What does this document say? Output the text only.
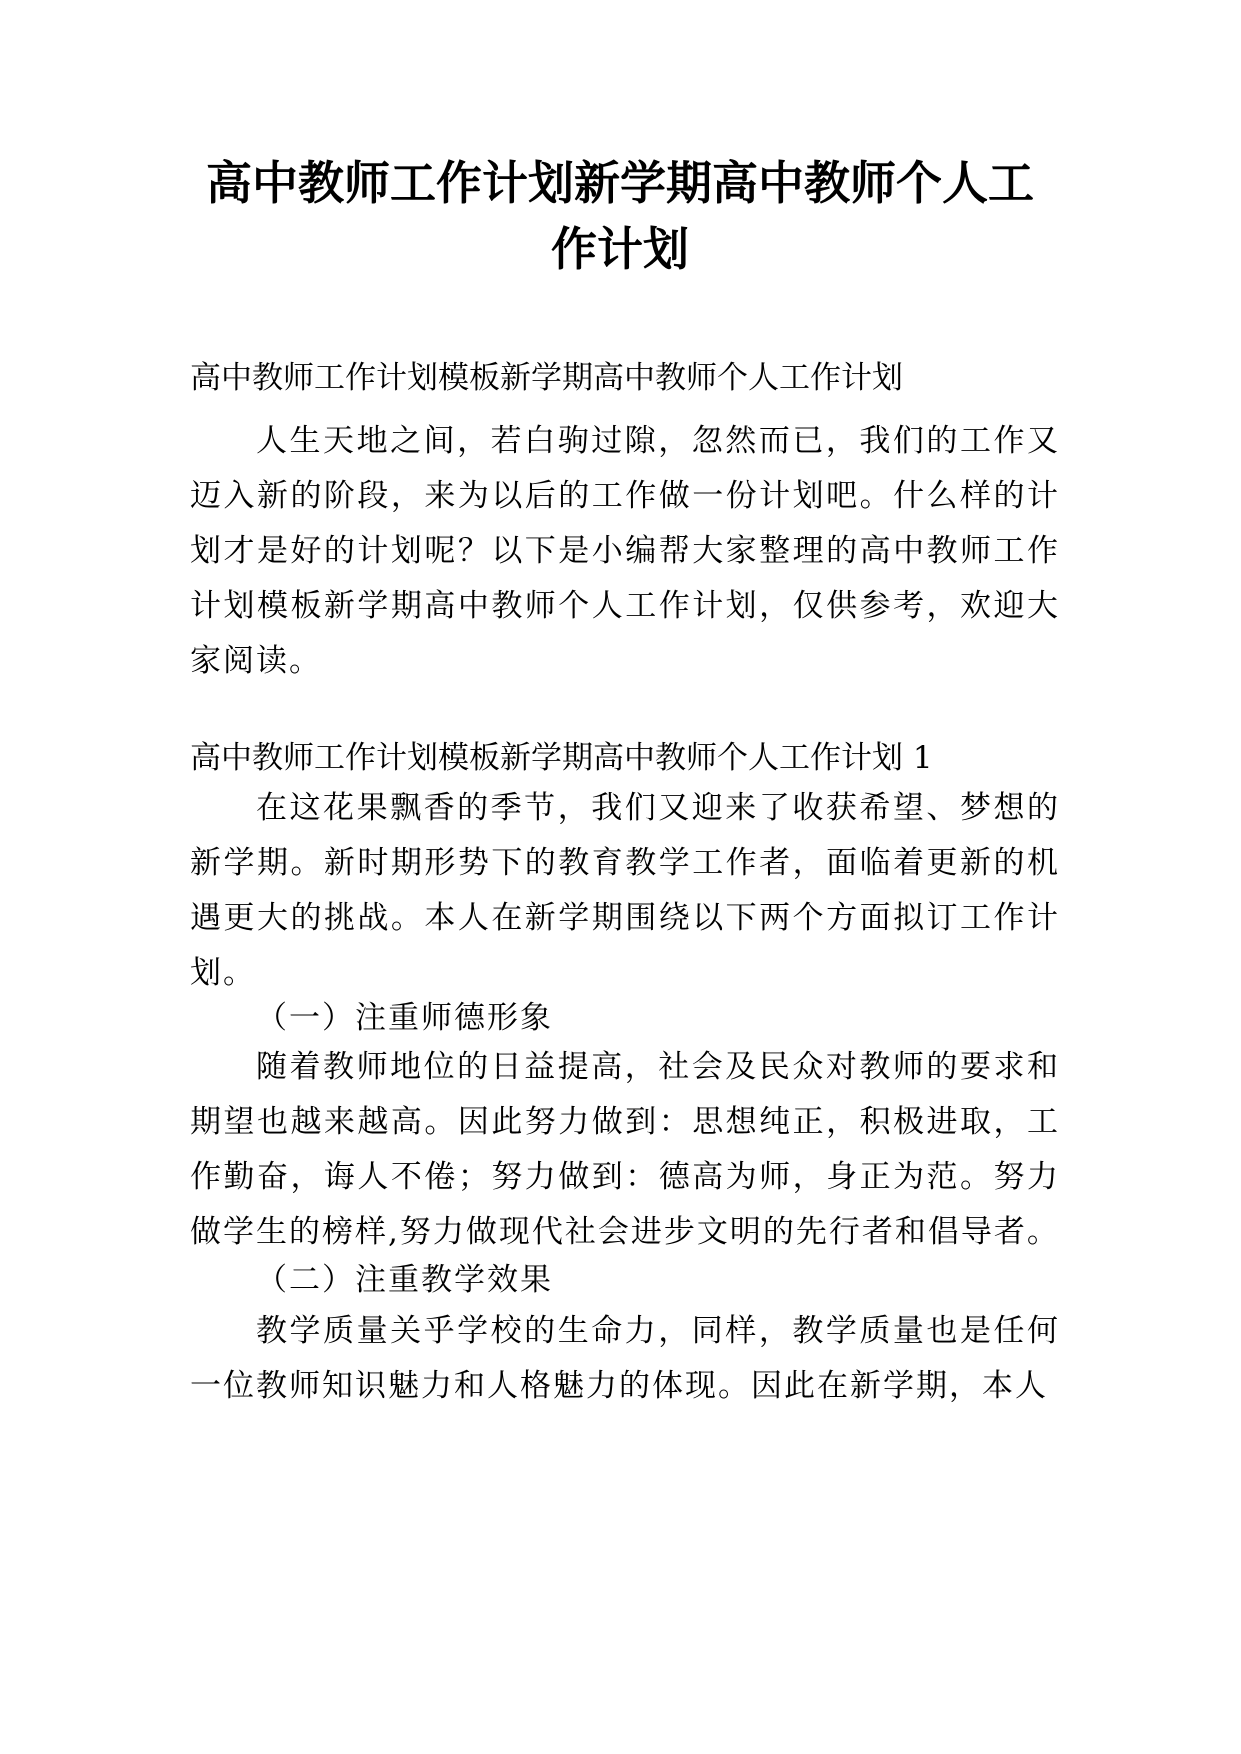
高中教师工作计划新学期高中教师个人工作计划

高中教师工作计划模板新学期高中教师个人工作计划

人生天地之间，若白驹过隙，忽然而已，我们的工作又迈入新的阶段，来为以后的工作做一份计划吧。什么样的计划才是好的计划呢？以下是小编帮大家整理的高中教师工作计划模板新学期高中教师个人工作计划，仅供参考，欢迎大家阅读。

高中教师工作计划模板新学期高中教师个人工作计划 1

在这花果飘香的季节，我们又迎来了收获希望、梦想的新学期。新时期形势下的教育教学工作者，面临着更新的机遇更大的挑战。本人在新学期围绕以下两个方面拟订工作计划。

（一）注重师德形象

随着教师地位的日益提高，社会及民众对教师的要求和期望也越来越高。因此努力做到：思想纯正，积极进取，工作勤奋，诲人不倦；努力做到：德高为师，身正为范。努力做学生的榜样,努力做现代社会进步文明的先行者和倡导者。

（二）注重教学效果

教学质量关乎学校的生命力，同样，教学质量也是任何一位教师知识魅力和人格魅力的体现。因此在新学期，本人
